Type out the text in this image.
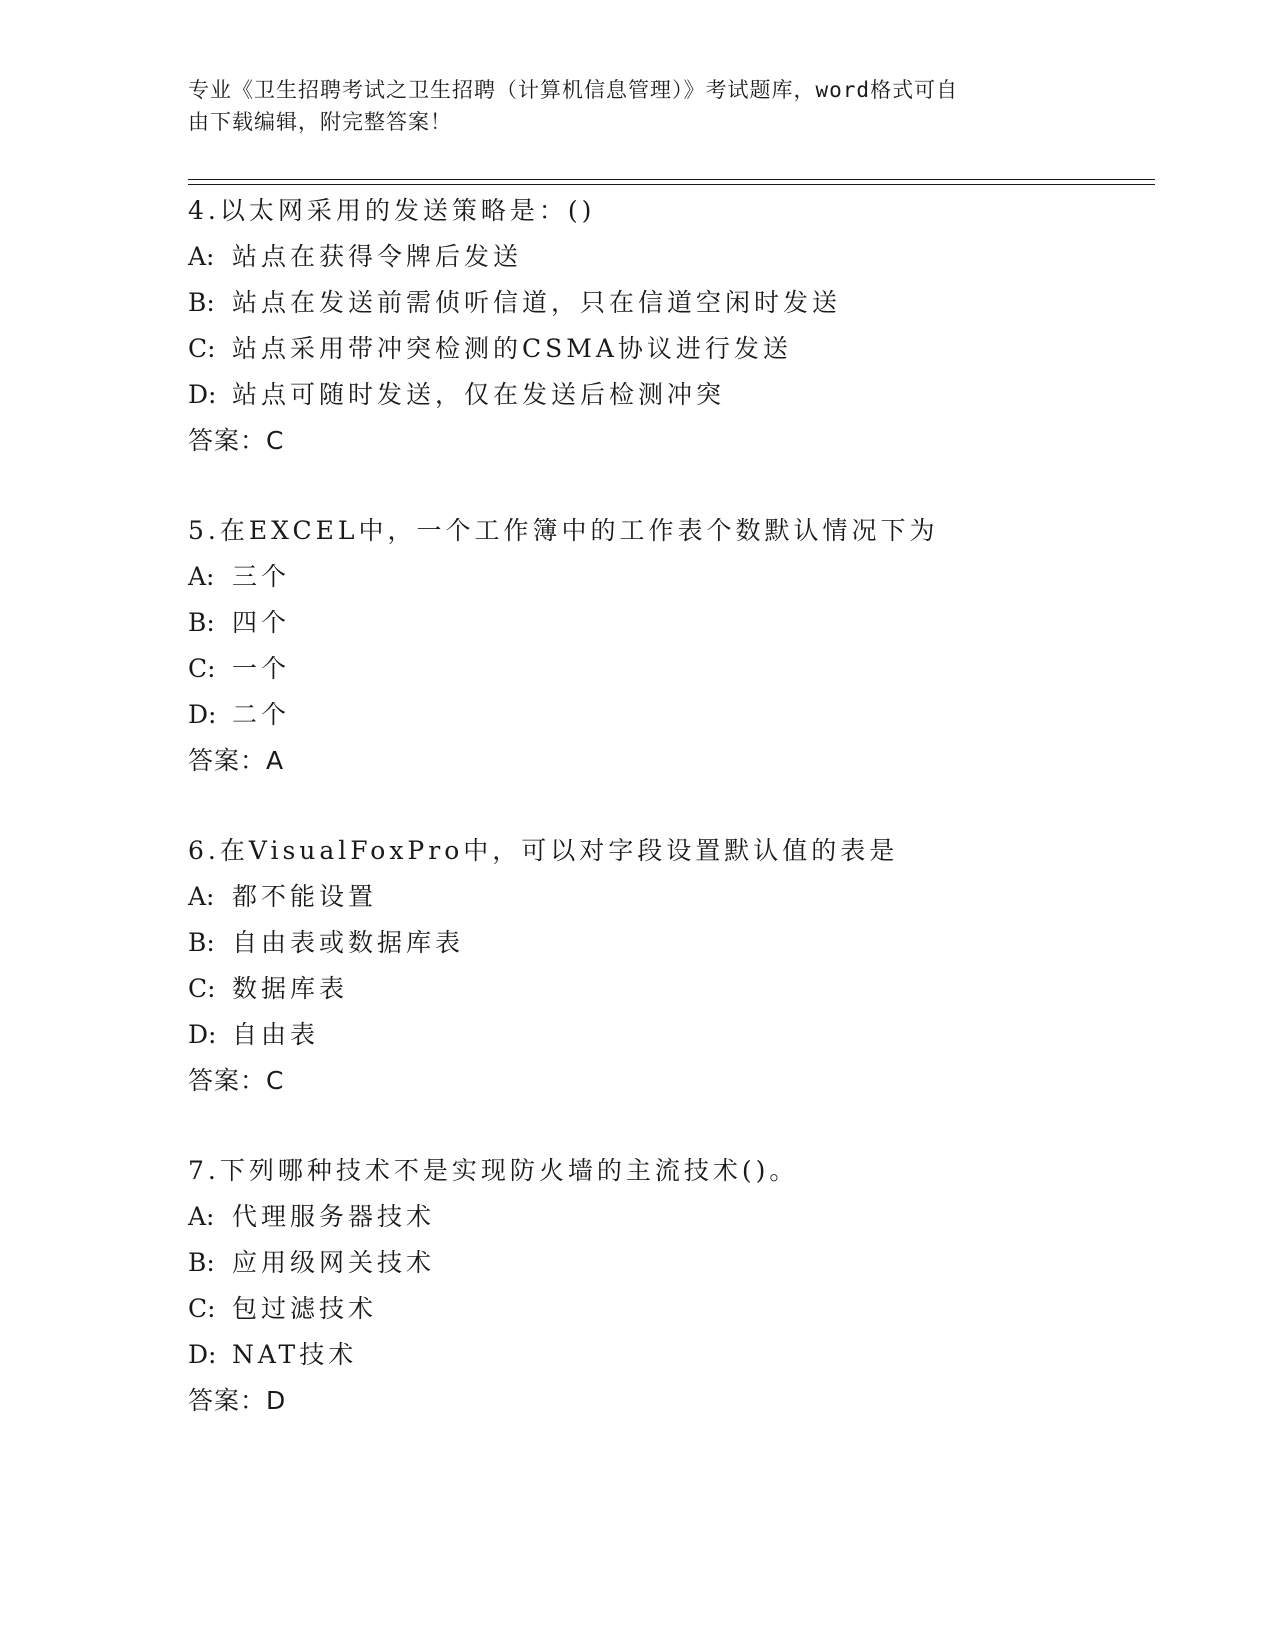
专业《卫生招聘考试之卫生招聘（计算机信息管理）》考试题库，word格式可自
由下载编辑，附完整答案！
4.以太网采用的发送策略是：()
A: 站点在获得令牌后发送
B: 站点在发送前需侦听信道，只在信道空闲时发送
C: 站点采用带冲突检测的CSMA协议进行发送
D: 站点可随时发送，仅在发送后检测冲突
答案：C
5.在EXCEL中，一个工作簿中的工作表个数默认情况下为
A: 三个
B: 四个
C: 一个
D: 二个
答案：A
6.在VisualFoxPro中，可以对字段设置默认值的表是
A: 都不能设置
B: 自由表或数据库表
C: 数据库表
D: 自由表
答案：C
7.下列哪种技术不是实现防火墙的主流技术()。
A: 代理服务器技术
B: 应用级网关技术
C: 包过滤技术
D: NAT技术
答案：D
